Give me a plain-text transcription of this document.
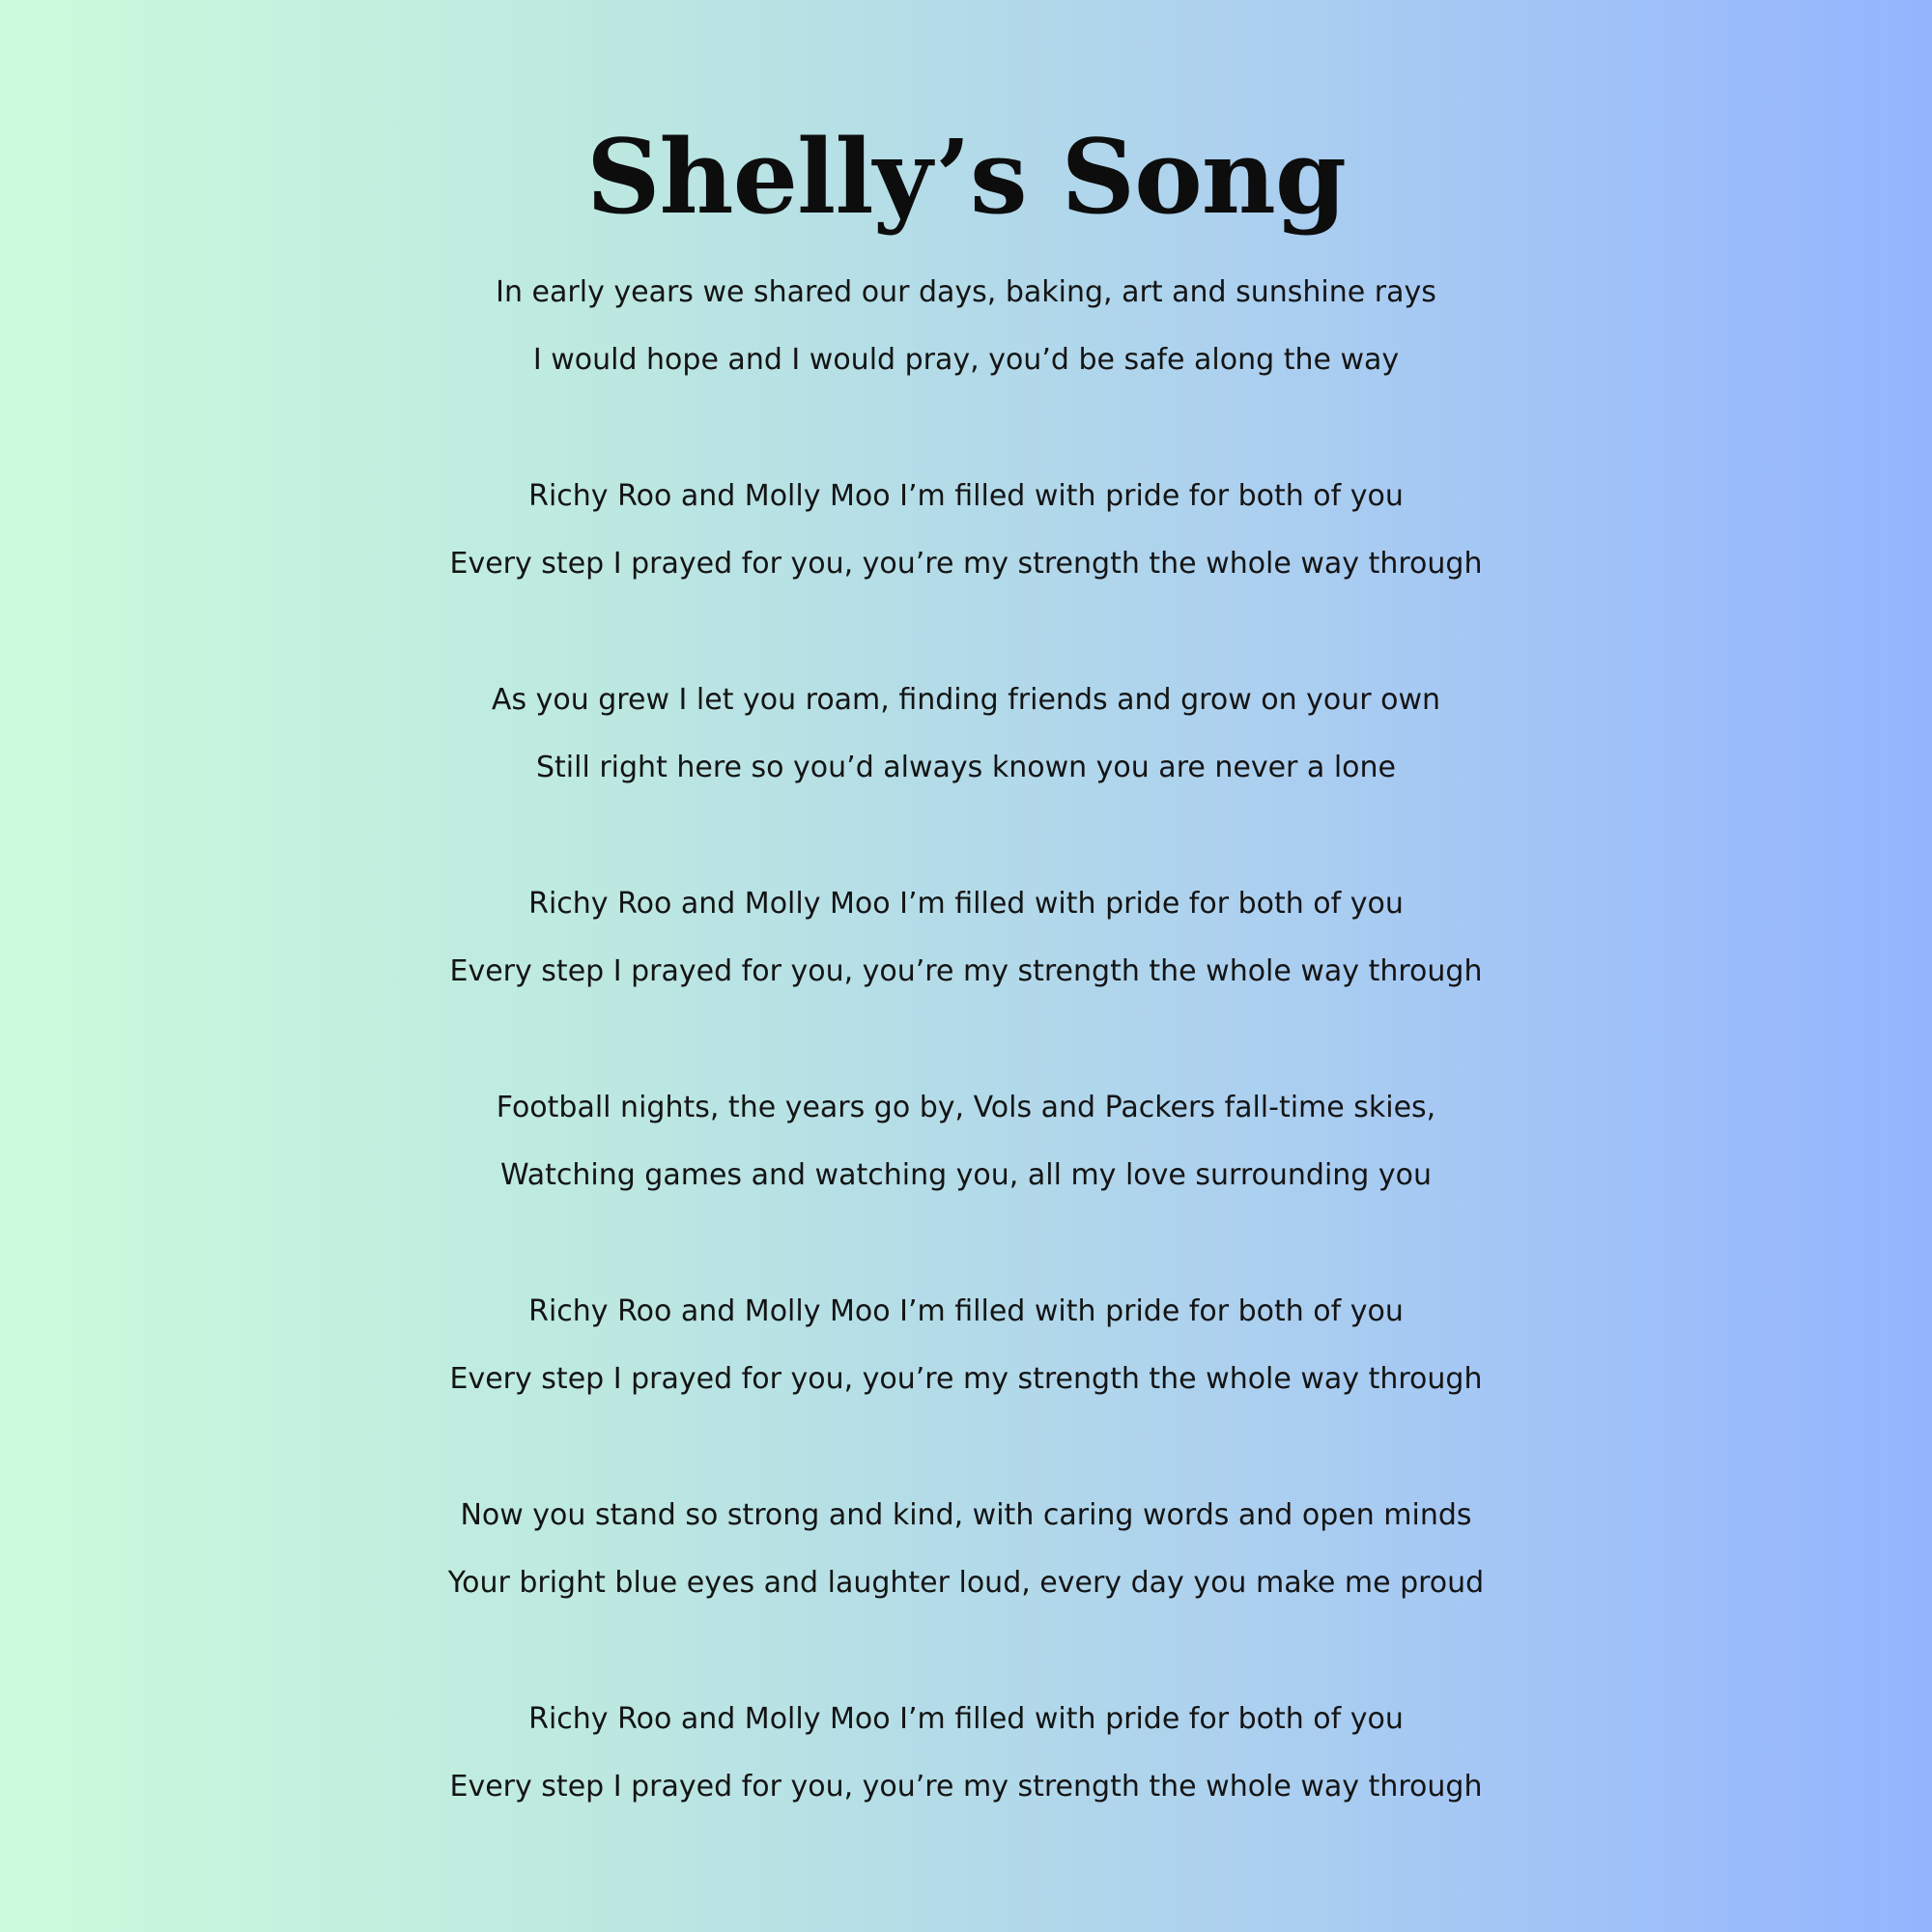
Shelly’s Song
In early years we shared our days, baking, art and sunshine rays
I would hope and I would pray, you’d be safe along the way
Richy Roo and Molly Moo I’m filled with pride for both of you
Every step I prayed for you, you’re my strength the whole way through
As you grew I let you roam, finding friends and grow on your own
Still right here so you’d always known you are never a lone
Richy Roo and Molly Moo I’m filled with pride for both of you
Every step I prayed for you, you’re my strength the whole way through
Football nights, the years go by, Vols and Packers fall-time skies,
Watching games and watching you, all my love surrounding you
Richy Roo and Molly Moo I’m filled with pride for both of you
Every step I prayed for you, you’re my strength the whole way through
Now you stand so strong and kind, with caring words and open minds
Your bright blue eyes and laughter loud, every day you make me proud
Richy Roo and Molly Moo I’m filled with pride for both of you
Every step I prayed for you, you’re my strength the whole way through
